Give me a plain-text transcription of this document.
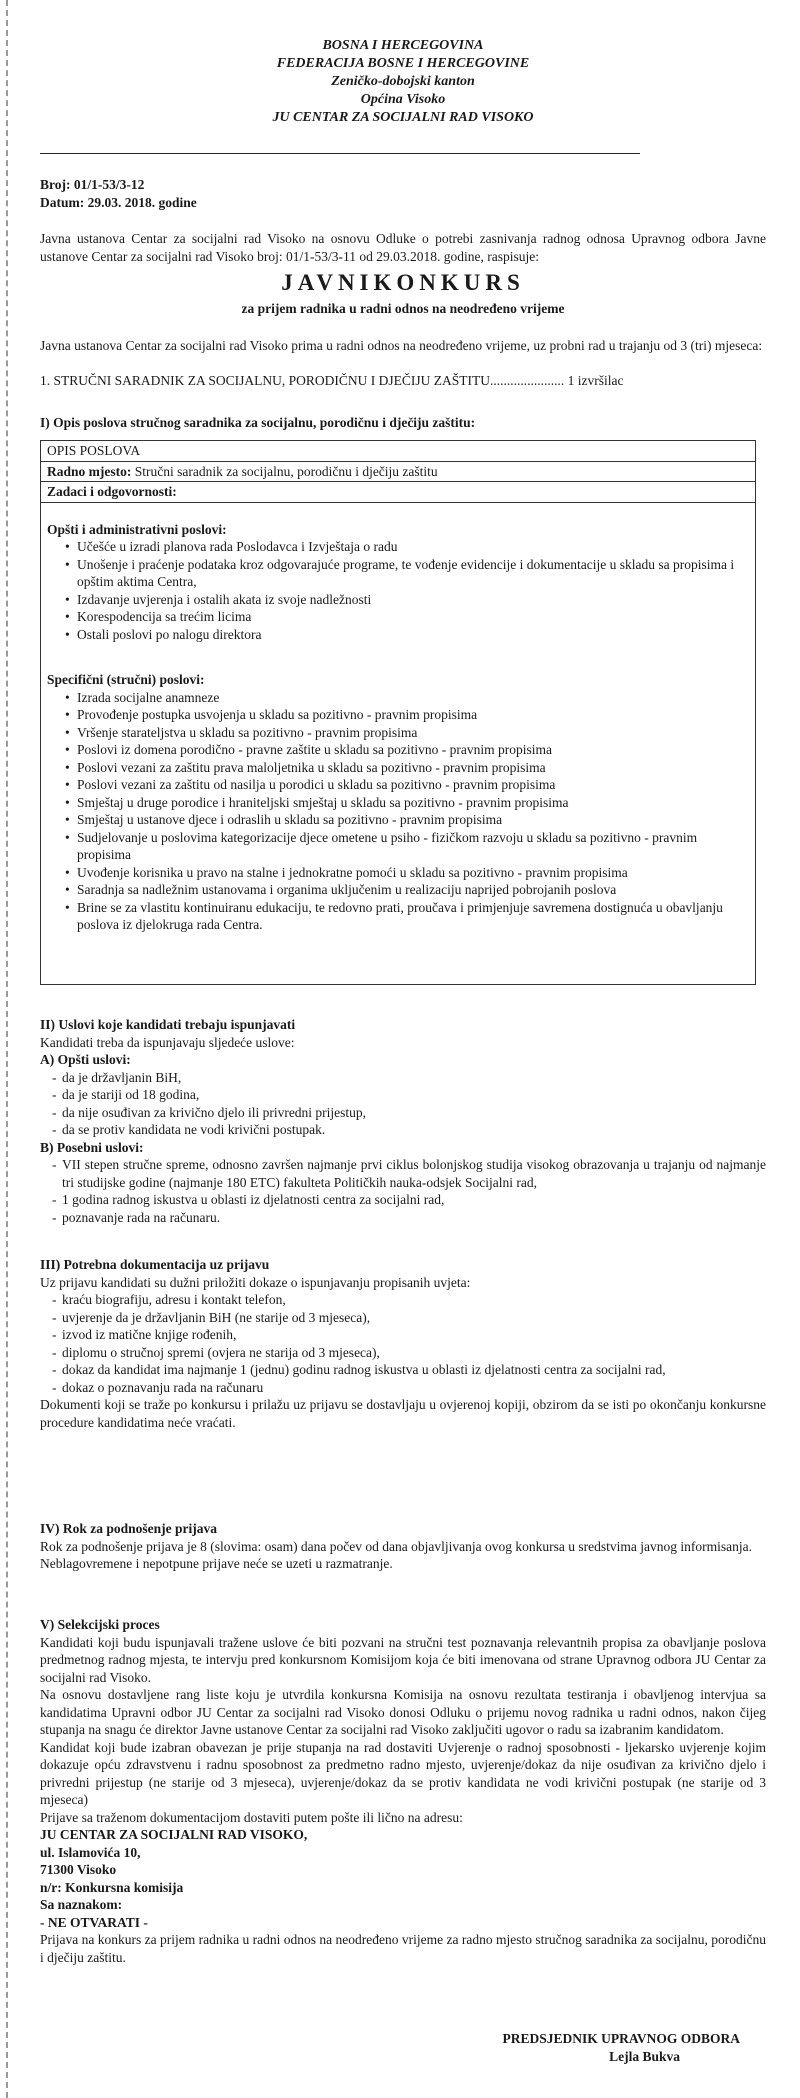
BOSNA I HERCEGOVINA
FEDERACIJA BOSNE I HERCEGOVINE
Zeničko-dobojski kanton
Općina Visoko
JU CENTAR ZA SOCIJALNI RAD VISOKO
Broj: 01/1-53/3-12
Datum: 29.03. 2018. godine

Javna ustanova Centar za socijalni rad Visoko na osnovu Odluke o potrebi zasnivanja radnog odnosa Upravnog odbora Javne ustanove Centar za socijalni rad Visoko broj: 01/1-53/3-11 od 29.03.2018. godine, raspisuje:

JAVNIKONKURS
za prijem radnika u radni odnos na neodređeno vrijeme

Javna ustanova Centar za socijalni rad Visoko prima u radni odnos na neodređeno vrijeme, uz probni rad u trajanju od 3 (tri) mjeseca:

1. STRUČNI SARADNIK ZA SOCIJALNU, PORODIČNU I DJEČIJU ZAŠTITU...................... 1 izvršilac

I) Opis poslova stručnog saradnika za socijalnu, porodičnu i dječiju zaštitu:
OPIS POSLOVA
Radno mjesto: Stručni saradnik za socijalnu, porodičnu i dječiju zaštitu
Zadaci i odgovornosti:
Opšti i administrativni poslovi:
• Učešće u izradi planova rada Poslodavca i Izvještaja o radu
• Unošenje i praćenje podataka kroz odgovarajuće programe, te vođenje evidencije i dokumentacije u skladu sa propisima i opštim aktima Centra,
• Izdavanje uvjerenja i ostalih akata iz svoje nadležnosti
• Korespodencija sa trećim licima
• Ostali poslovi po nalogu direktora
Specifični (stručni) poslovi:
• Izrada socijalne anamneze
• Provođenje postupka usvojenja u skladu sa pozitivno - pravnim propisima
• Vršenje starateljstva u skladu sa pozitivno - pravnim propisima
• Poslovi iz domena porodično - pravne zaštite u skladu sa pozitivno - pravnim propisima
• Poslovi vezani za zaštitu prava maloljetnika u skladu sa pozitivno - pravnim propisima
• Poslovi vezani za zaštitu od nasilja u porodici u skladu sa pozitivno - pravnim propisima
• Smještaj u druge porodice i hraniteljski smještaj u skladu sa pozitivno - pravnim propisima
• Smještaj u ustanove djece i odraslih u skladu sa pozitivno - pravnim propisima
• Sudjelovanje u poslovima kategorizacije djece ometene u psiho - fizičkom razvoju u skladu sa pozitivno - pravnim propisima
• Uvođenje korisnika u pravo na stalne i jednokratne pomoći u skladu sa pozitivno - pravnim propisima
• Saradnja sa nadležnim ustanovama i organima uključenim u realizaciju naprijed pobrojanih poslova
• Brine se za vlastitu kontinuiranu edukaciju, te redovno prati, proučava i primjenjuje savremena dostignuća u obavljanju poslova iz djelokruga rada Centra.
II) Uslovi koje kandidati trebaju ispunjavati
Kandidati treba da ispunjavaju sljedeće uslove:
A) Opšti uslovi:
- da je državljanin BiH,
- da je stariji od 18 godina,
- da nije osuđivan za krivično djelo ili privredni prijestup,
- da se protiv kandidata ne vodi krivični postupak.
B) Posebni uslovi:
- VII stepen stručne spreme, odnosno završen najmanje prvi ciklus bolonjskog studija visokog obrazovanja u trajanju od najmanje tri studijske godine (najmanje 180 ETC) fakulteta Političkih nauka-odsjek Socijalni rad,
- 1 godina radnog iskustva u oblasti iz djelatnosti centra za socijalni rad,
- poznavanje rada na računaru.
III) Potrebna dokumentacija uz prijavu
Uz prijavu kandidati su dužni priložiti dokaze o ispunjavanju propisanih uvjeta:
- kraću biografiju, adresu i kontakt telefon,
- uvjerenje da je državljanin BiH (ne starije od 3 mjeseca),
- izvod iz matične knjige rođenih,
- diplomu o stručnoj spremi (ovjera ne starija od 3 mjeseca),
- dokaz da kandidat ima najmanje 1 (jednu) godinu radnog iskustva u oblasti iz djelatnosti centra za socijalni rad,
- dokaz o poznavanju rada na računaru

Dokumenti koji se traže po konkursu i prilažu uz prijavu se dostavljaju u ovjerenoj kopiji, obzirom da se isti po okončanju konkursne procedure kandidatima neće vraćati.

IV) Rok za podnošenje prijava

Rok za podnošenje prijava je 8 (slovima: osam) dana počev od dana objavljivanja ovog konkursa u sredstvima javnog informisanja.

Neblagovremene i nepotpune prijave neće se uzeti u razmatranje.

V) Selekcijski proces

Kandidati koji budu ispunjavali tražene uslove će biti pozvani na stručni test poznavanja relevantnih propisa za obavljanje poslova predmetnog radnog mjesta, te intervju pred konkursnom Komisijom koja će biti imenovana od strane Upravnog odbora JU Centar za socijalni rad Visoko.

Na osnovu dostavljene rang liste koju je utvrdila konkursna Komisija na osnovu rezultata testiranja i obavljenog intervjua sa kandidatima Upravni odbor JU Centar za socijalni rad Visoko donosi Odluku o prijemu novog radnika u radni odnos, nakon čijeg stupanja na snagu će direktor Javne ustanove Centar za socijalni rad Visoko zaključiti ugovor o radu sa izabranim kandidatom.

Kandidat koji bude izabran obavezan je prije stupanja na rad dostaviti Uvjerenje o radnoj sposobnosti - ljekarsko uvjerenje kojim dokazuje opću zdravstvenu i radnu sposobnost za predmetno radno mjesto, uvjerenje/dokaz da nije osuđivan za krivično djelo i privredni prijestup (ne starije od 3 mjeseca), uvjerenje/dokaz da se protiv kandidata ne vodi krivični postupak (ne starije od 3 mjeseca)

Prijave sa traženom dokumentacijom dostaviti putem pošte ili lično na adresu:

JU CENTAR ZA SOCIJALNI RAD VISOKO,
ul. Islamovića 10,
71300 Visoko
n/r: Konkursna komisija
Sa naznakom:
- NE OTVARATI -

Prijava na konkurs za prijem radnika u radni odnos na neodređeno vrijeme za radno mjesto stručnog saradnika za socijalnu, porodičnu i dječiju zaštitu.

PREDSJEDNIK UPRAVNOG ODBORA
Lejla Bukva
